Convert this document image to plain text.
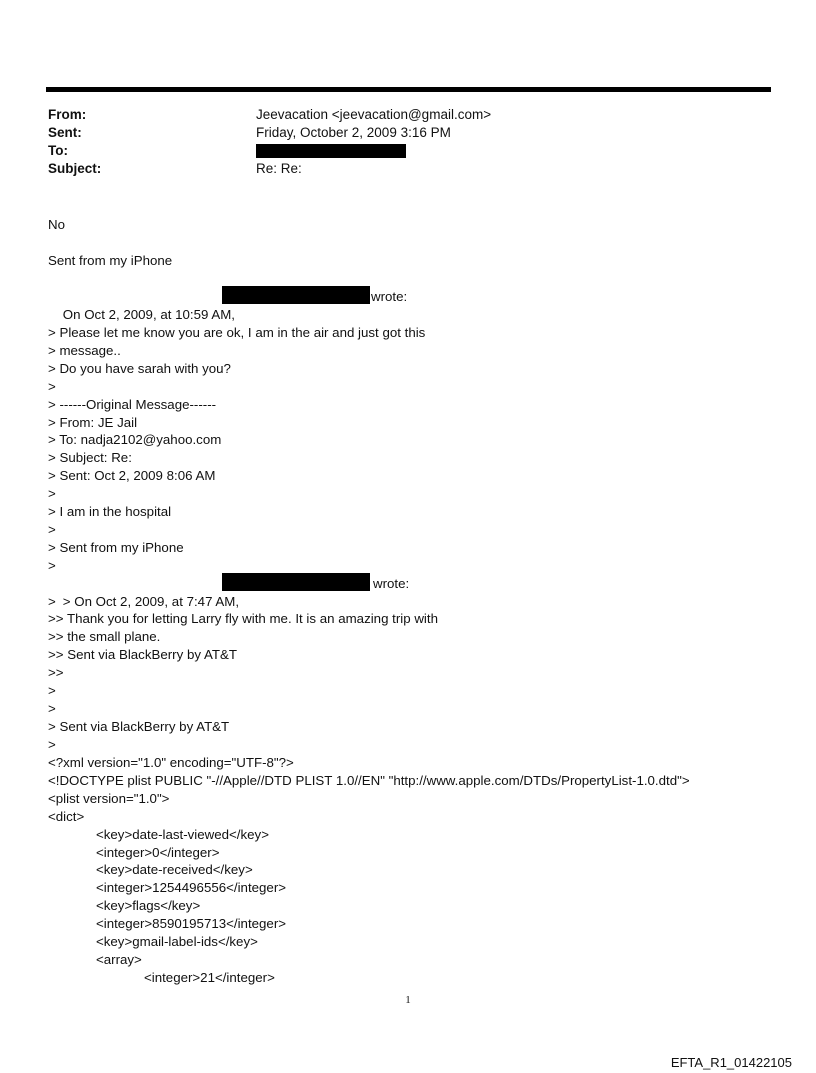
From:	Jeevacation <jeevacation@gmail.com>
Sent:	Friday, October 2, 2009 3:16 PM
To:
Subject:	Re: Re:
No
Sent from my iPhone

On Oct 2, 2009, at 10:59 AM,

wrote:
> Please let me know you are ok, I am in the air and just got this
> message..
> Do you have sarah with you?
>
> ------Original Message------
> From: JE Jail
> To: nadja2102@yahoo.com
> Subject: Re:
> Sent: Oct 2, 2009 8:06 AM
>
> I am in the hospital
>
> Sent from my iPhone
>

> On Oct 2, 2009, at 7:47 AM,

wrote:
>
>> Thank you for letting Larry fly with me. It is an amazing trip with
>> the small plane.
>> Sent via BlackBerry by AT&T
>>
>
>
> Sent via BlackBerry by AT&T
>
<?xml version="1.0" encoding="UTF-8"?>
<!DOCTYPE plist PUBLIC "-//Apple//DTD PLIST 1.0//EN" "http://www.apple.com/DTDs/PropertyList-1.0.dtd">
<plist version="1.0">
<dict>
<key>date-last-viewed</key>
<integer>0</integer>
<key>date-received</key>
<integer>1254496556</integer>
<key>flags</key>
<integer>8590195713</integer>
<key>gmail-label-ids</key>
<array>
<integer>21</integer>
1
EFTA_R1_01422105
